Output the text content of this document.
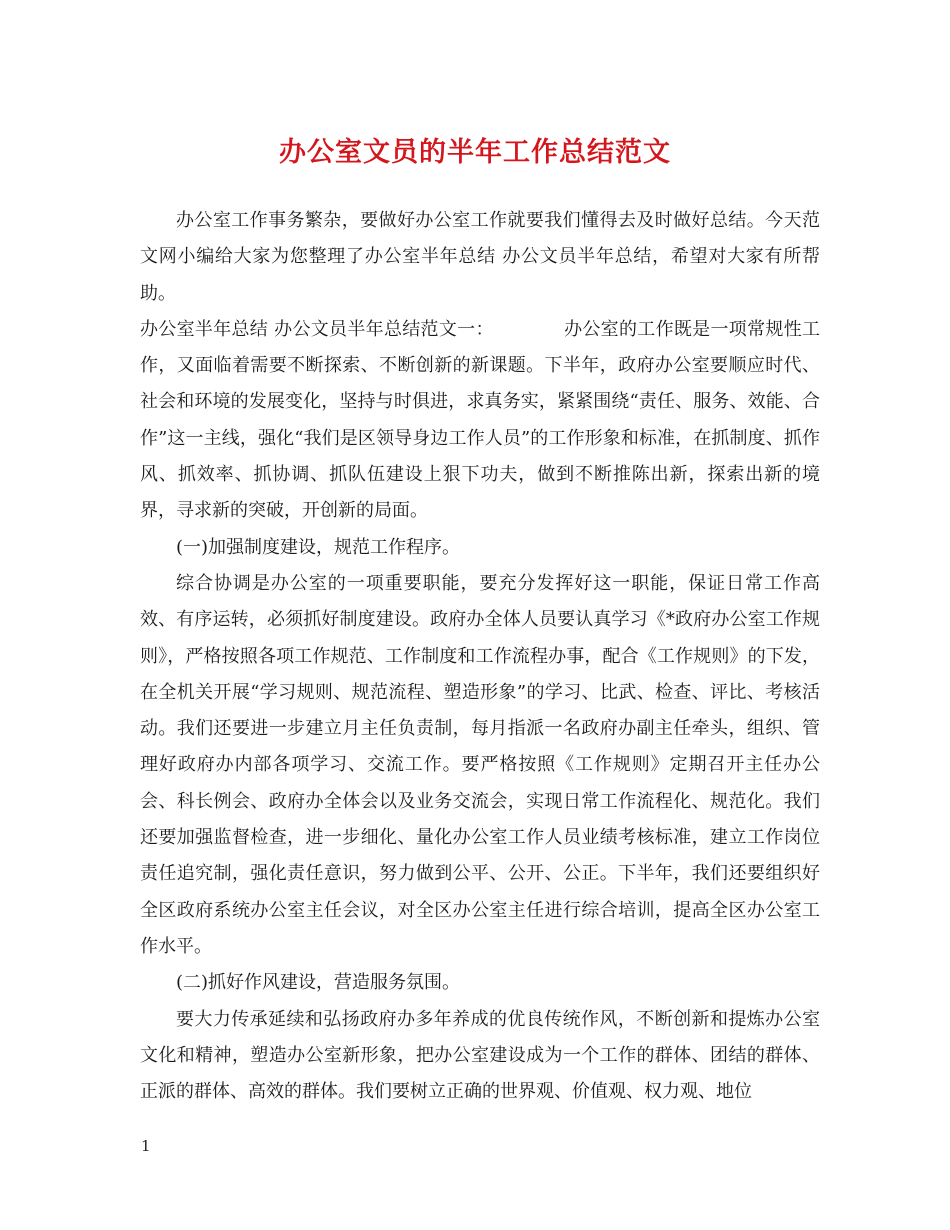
办公室文员的半年工作总结范文

办公室工作事务繁杂，要做好办公室工作就要我们懂得去及时做好总结。今天范文网小编给大家为您整理了办公室半年总结 办公文员半年总结，希望对大家有所帮助。

办公室半年总结 办公文员半年总结范文一：	办公室的工作既是一项常规性工作，又面临着需要不断探索、不断创新的新课题。下半年，政府办公室要顺应时代、社会和环境的发展变化，坚持与时俱进，求真务实，紧紧围绕“责任、服务、效能、合作”这一主线，强化“我们是区领导身边工作人员”的工作形象和标准，在抓制度、抓作风、抓效率、抓协调、抓队伍建设上狠下功夫，做到不断推陈出新，探索出新的境界，寻求新的突破，开创新的局面。

(一)加强制度建设，规范工作程序。

综合协调是办公室的一项重要职能，要充分发挥好这一职能，保证日常工作高效、有序运转，必须抓好制度建设。政府办全体人员要认真学习《*政府办公室工作规则》，严格按照各项工作规范、工作制度和工作流程办事，配合《工作规则》的下发，在全机关开展“学习规则、规范流程、塑造形象”的学习、比武、检查、评比、考核活动。我们还要进一步建立月主任负责制，每月指派一名政府办副主任牵头，组织、管理好政府办内部各项学习、交流工作。要严格按照《工作规则》定期召开主任办公会、科长例会、政府办全体会以及业务交流会，实现日常工作流程化、规范化。我们还要加强监督检查，进一步细化、量化办公室工作人员业绩考核标准，建立工作岗位责任追究制，强化责任意识，努力做到公平、公开、公正。下半年，我们还要组织好全区政府系统办公室主任会议，对全区办公室主任进行综合培训，提高全区办公室工作水平。

(二)抓好作风建设，营造服务氛围。

要大力传承延续和弘扬政府办多年养成的优良传统作风，不断创新和提炼办公室文化和精神，塑造办公室新形象，把办公室建设成为一个工作的群体、团结的群体、正派的群体、高效的群体。我们要树立正确的世界观、价值观、权力观、地位

1
